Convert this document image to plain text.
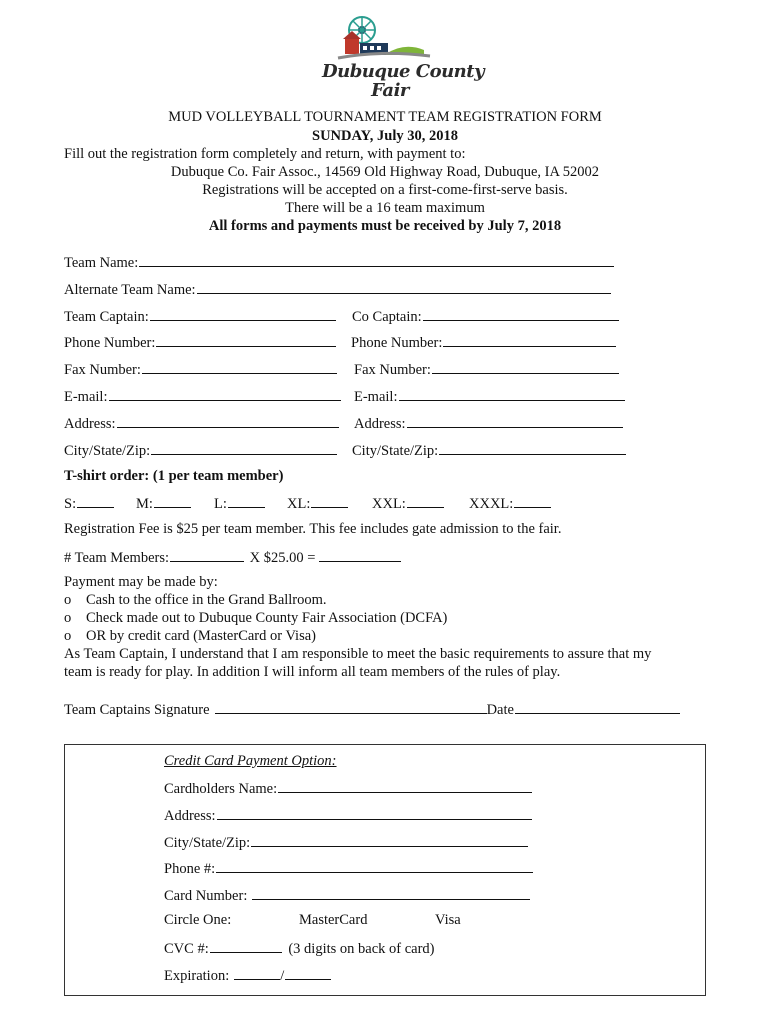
Dubuque County
Fair
MUD VOLLEYBALL TOURNAMENT TEAM REGISTRATION FORM
SUNDAY, July 30, 2018
Fill out the registration form completely and return, with payment to:
Dubuque Co. Fair Assoc., 14569 Old Highway Road, Dubuque, IA 52002
Registrations will be accepted on a first-come-first-serve basis.
There will be a 16 team maximum
All forms and payments must be received by July 7, 2018
Team Name:
Alternate Team Name:
Team Captain:	Co Captain:
Phone Number:	Phone Number:
Fax Number:	Fax Number:
E-mail:	E-mail:
Address:	Address:
City/State/Zip:	City/State/Zip:
T-shirt order: (1 per team member)
S:	M:	L:	XL:	XXL:	XXXL:
Registration Fee is $25 per team member. This fee includes gate admission to the fair.
# Team Members:	X $25.00 =
Payment may be made by:
o Cash to the office in the Grand Ballroom.
o Check made out to Dubuque County Fair Association (DCFA)
o OR by credit card (MasterCard or Visa)
As Team Captain, I understand that I am responsible to meet the basic requirements to assure that my
team is ready for play. In addition I will inform all team members of the rules of play.
Team Captains Signature	Date
Credit Card Payment Option:
Cardholders Name:
Address:
City/State/Zip:
Phone #:
Card Number:
Circle One:	MasterCard	Visa
CVC #:	(3 digits on back of card)
Expiration:	/
